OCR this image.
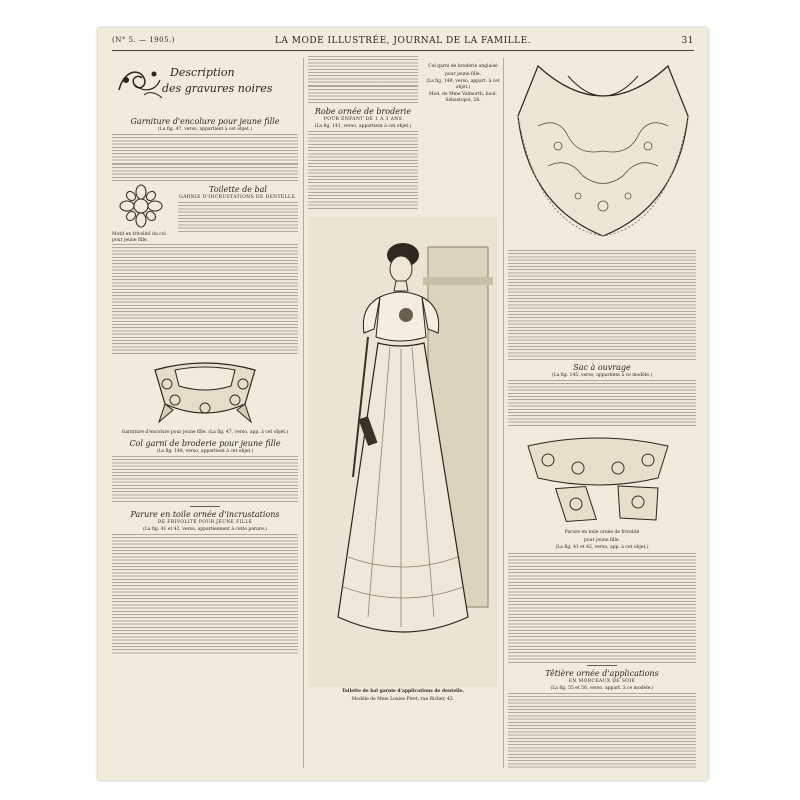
(N° 5. — 1905.)	LA MODE ILLUSTRÉE, JOURNAL DE LA FAMILLE.	31
Description
des gravures noires
Garniture d'encolure pour jeune fille
(La fig. 47, verso, appartient à cet objet.)
Motif en frivolité du col pour jeune fille.
Toilette de bal
GARNIE D'INCRUSTATIONS DE DENTELLE.
Garniture d'encolure pour jeune fille. (La fig. 47, verso, app. à cet objet.)
Col garni de broderie pour jeune fille
(La fig. 148, verso, appartient à cet objet.)
Parure en toile ornée d'incrustations
DE FRIVOLITÉ POUR JEUNE FILLE
(La fig. 41 et 42, verso, appartiennent à cette parure.)
Robe ornée de broderie
POUR ENFANT DE 1 A 3 ANS
(La fig. 141, verso, appartient à cet objet.)
Toilette de bal garnie d'applications de dentelle.
Modèle de Mme Louise Piret, rue Richer, 42.
Col garni de broderie anglaise
pour jeune fille.
(La fig. 149, verso, appart. à cet objet.)
Mod. de Mme Valmorth, boul. Sébastopol, 28.
Sac à ouvrage
(La fig. 145, verso, appartient à ce modèle.)
Parure en toile ornée de frivolité
pour jeune fille.
(La fig. 41 et 42, verso, app. à cet objet.)
Têtière ornée d'applications
EN MORCEAUX DE SOIE
(La fig. 55 et 56, verso, appart. à ce modèle.)
